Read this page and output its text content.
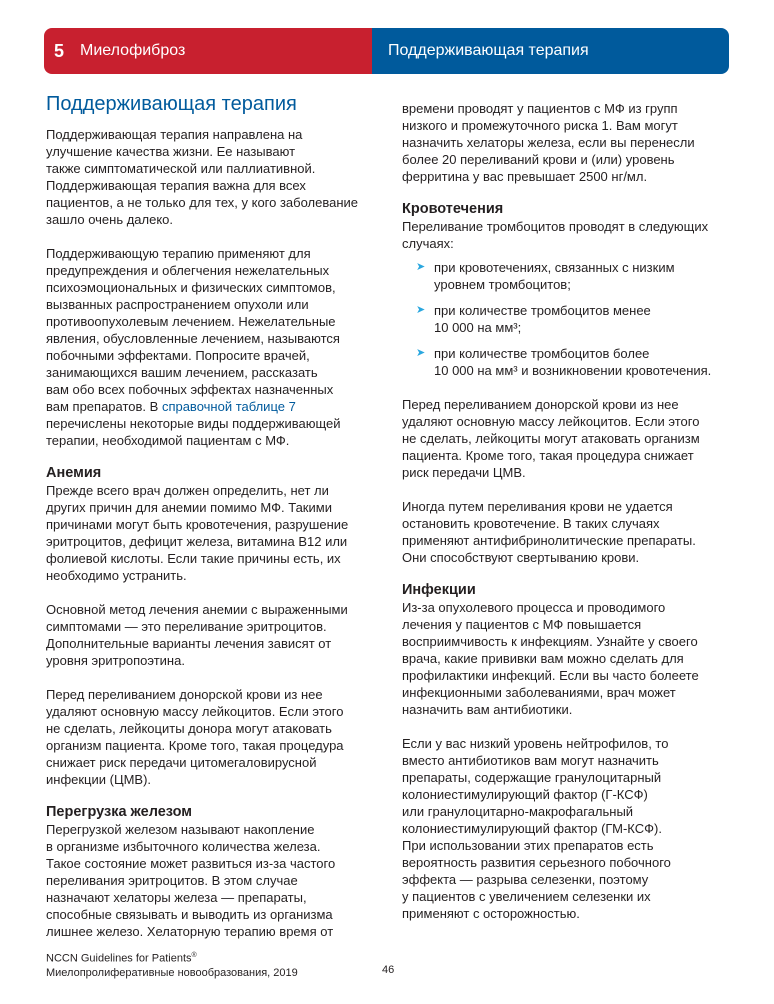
5 Миелофиброз	Поддерживающая терапия
Поддерживающая терапия

Поддерживающая терапия направлена на
улучшение качества жизни. Ее называют
также симптоматической или паллиативной.
Поддерживающая терапия важна для всех
пациентов, а не только для тех, у кого заболевание
зашло очень далеко.

Поддерживающую терапию применяют для
предупреждения и облегчения нежелательных
психоэмоциональных и физических симптомов,
вызванных распространением опухоли или
противоопухолевым лечением. Нежелательные
явления, обусловленные лечением, называются
побочными эффектами. Попросите врачей,
занимающихся вашим лечением, рассказать
вам обо всех побочных эффектах назначенных
вам препаратов. В справочной таблице 7
перечислены некоторые виды поддерживающей
терапии, необходимой пациентам с МФ.

Анемия

Прежде всего врач должен определить, нет ли
других причин для анемии помимо МФ. Такими
причинами могут быть кровотечения, разрушение
эритроцитов, дефицит железа, витамина B12 или
фолиевой кислоты. Если такие причины есть, их
необходимо устранить.

Основной метод лечения анемии с выраженными
симптомами — это переливание эритроцитов.
Дополнительные варианты лечения зависят от
уровня эритропоэтина.

Перед переливанием донорской крови из нее
удаляют основную массу лейкоцитов. Если этого
не сделать, лейкоциты донора могут атаковать
организм пациента. Кроме того, такая процедура
снижает риск передачи цитомегаловирусной
инфекции (ЦМВ).

Перегрузка железом

Перегрузкой железом называют накопление
в организме избыточного количества железа.
Такое состояние может развиться из-за частого
переливания эритроцитов. В этом случае
назначают хелаторы железа — препараты,
способные связывать и выводить из организма
лишнее железо. Хелаторную терапию время от

времени проводят у пациентов с МФ из групп
низкого и промежуточного риска 1. Вам могут
назначить хелаторы железа, если вы перенесли
более 20 переливаний крови и (или) уровень
ферритина у вас превышает 2500 нг/мл.

Кровотечения

Переливание тромбоцитов проводят в следующих
случаях:

➤ при кровотечениях, связанных с низким
уровнем тромбоцитов;
➤ при количестве тромбоцитов менее
10 000 на мм³;
➤ при количестве тромбоцитов более
10 000 на мм³ и возникновении кровотечения.

Перед переливанием донорской крови из нее
удаляют основную массу лейкоцитов. Если этого
не сделать, лейкоциты могут атаковать организм
пациента. Кроме того, такая процедура снижает
риск передачи ЦМВ.

Иногда путем переливания крови не удается
остановить кровотечение. В таких случаях
применяют антифибринолитические препараты.
Они способствуют свертыванию крови.

Инфекции

Из-за опухолевого процесса и проводимого
лечения у пациентов с МФ повышается
восприимчивость к инфекциям. Узнайте у своего
врача, какие прививки вам можно сделать для
профилактики инфекций. Если вы часто болеете
инфекционными заболеваниями, врач может
назначить вам антибиотики.

Если у вас низкий уровень нейтрофилов, то
вместо антибиотиков вам могут назначить
препараты, содержащие гранулоцитарный
колониестимулирующий фактор (Г-КСФ)
или гранулоцитарно-макрофагальный
колониестимулирующий фактор (ГМ-КСФ).
При использовании этих препаратов есть
вероятность развития серьезного побочного
эффекта — разрыва селезенки, поэтому
у пациентов с увеличением селезенки их
применяют с осторожностью.

NCCN Guidelines for Patients®
Миелопролиферативные новообразования, 2019	46
